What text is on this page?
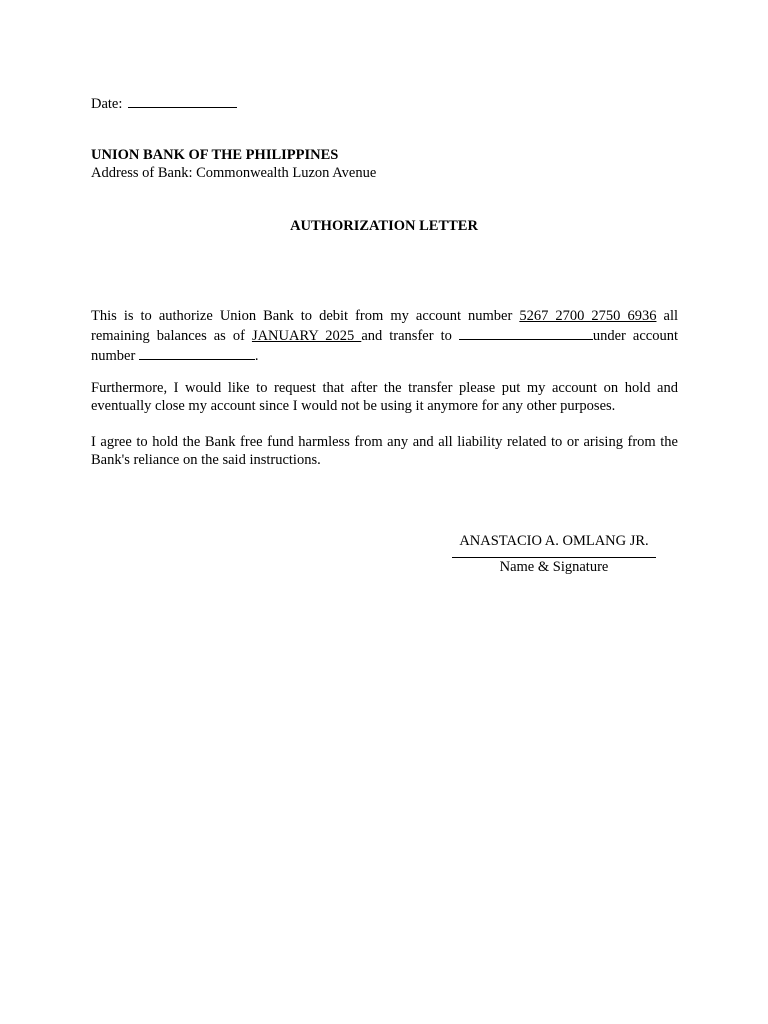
Date:
UNION BANK OF THE PHILIPPINES
Address of Bank: Commonwealth Luzon Avenue
AUTHORIZATION LETTER
This is to authorize Union Bank to debit from my account number 5267 2700 2750 6936 all remaining balances as of JANUARY 2025 and transfer to	under account number	.
Furthermore, I would like to request that after the transfer please put my account on hold and eventually close my account since I would not be using it anymore for any other purposes.
I agree to hold the Bank free fund harmless from any and all liability related to or arising from the Bank's reliance on the said instructions.
ANASTACIO A. OMLANG JR.
Name & Signature
